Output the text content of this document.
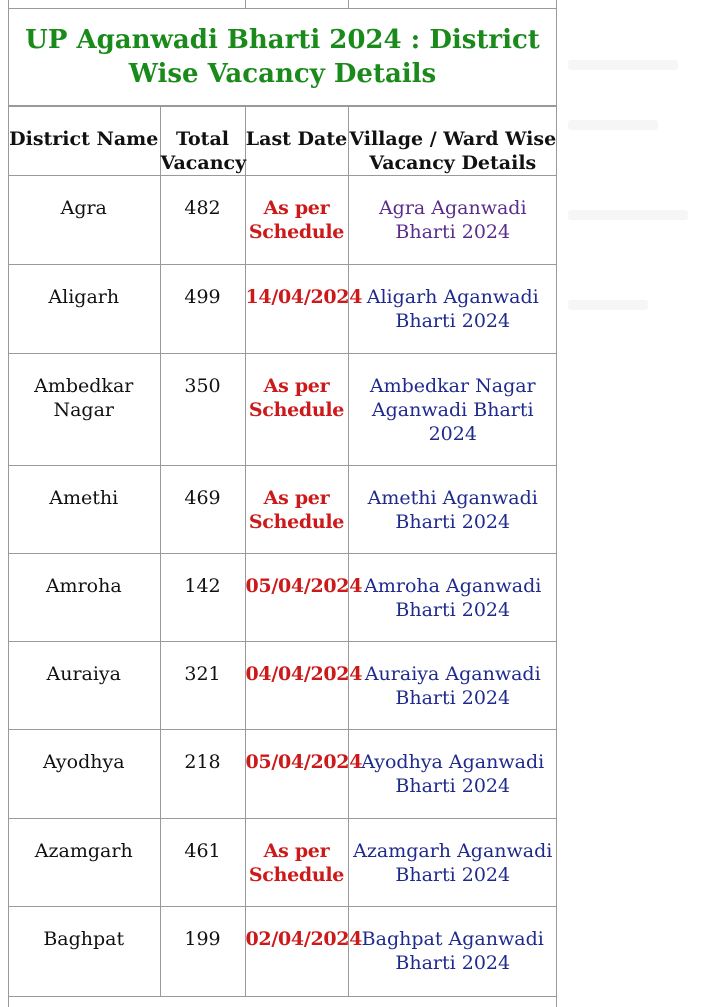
UP Aganwadi Bharti 2024 : District Wise Vacancy Details
District Name	Total Vacancy	Last Date	Village / Ward Wise Vacancy Details
Agra	482	As per Schedule	Agra Aganwadi Bharti 2024
Aligarh	499	14/04/2024	Aligarh Aganwadi Bharti 2024
Ambedkar Nagar	350	As per Schedule	Ambedkar Nagar Aganwadi Bharti 2024
Amethi	469	As per Schedule	Amethi Aganwadi Bharti 2024
Amroha	142	05/04/2024	Amroha Aganwadi Bharti 2024
Auraiya	321	04/04/2024	Auraiya Aganwadi Bharti 2024
Ayodhya	218	05/04/2024	Ayodhya Aganwadi Bharti 2024
Azamgarh	461	As per Schedule	Azamgarh Aganwadi Bharti 2024
Baghpat	199	02/04/2024	Baghpat Aganwadi Bharti 2024
